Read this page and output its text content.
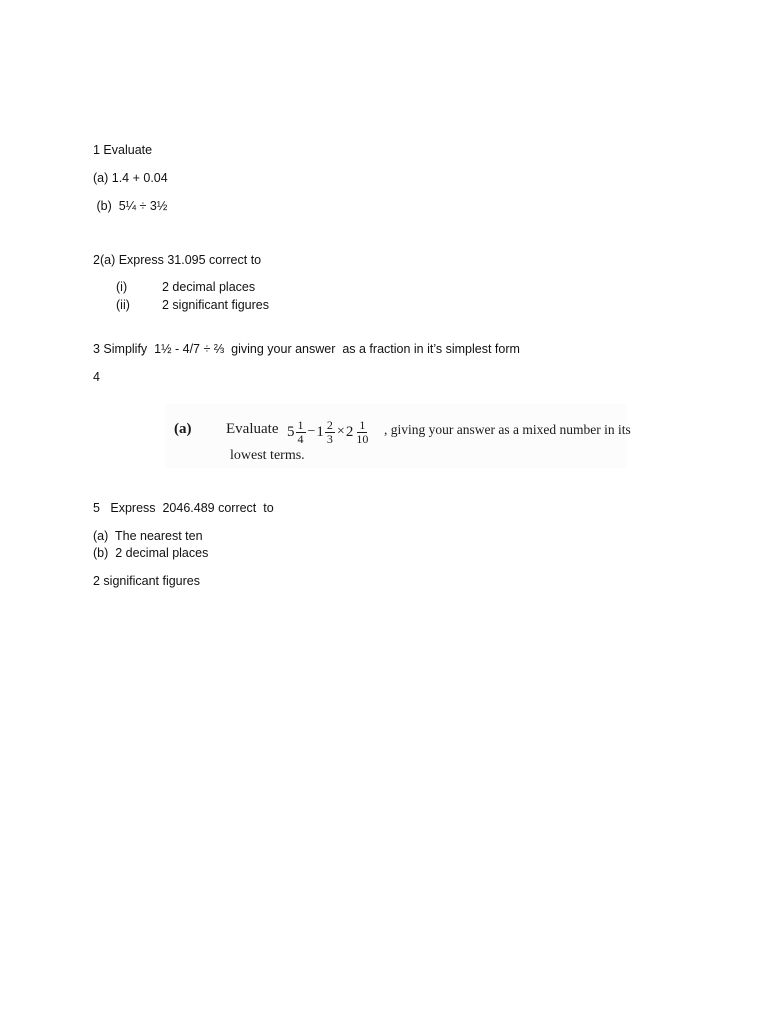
1 Evaluate
(a) 1.4 + 0.04
(b)  5¼ ÷ 3½
2(a) Express 31.095 correct to
(i)	2 decimal places
(ii)	2 significant figures
3 Simplify  1½ - 4/7 ÷ ⅔  giving your answer  as a fraction in it’s simplest form
4
(a) Evaluate $5 \frac{1}{4} - 1 \frac{2}{3} \times 2 \frac{1}{10}$ , giving your answer as a mixed number in its
lowest terms.
5   Express  2046.489 correct  to
(a)  The nearest ten
(b)  2 decimal places
2 significant figures
